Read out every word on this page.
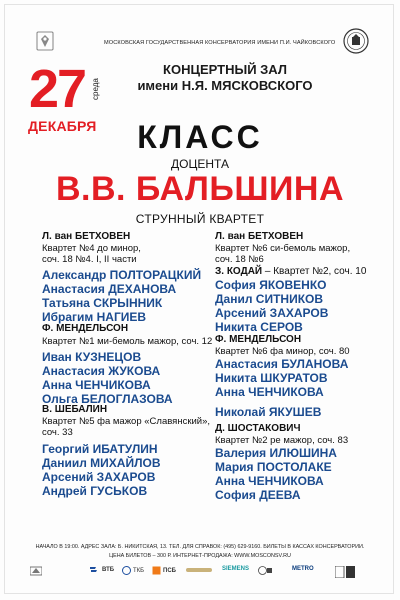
МОСКОВСКАЯ ГОСУДАРСТВЕННАЯ КОНСЕРВАТОРИЯ ИМЕНИ П.И. ЧАЙКОВСКОГО
27 среда
ДЕКАБРЯ
КОНЦЕРТНЫЙ ЗАЛ
имени Н.Я. МЯСКОВСКОГО
КЛАСС
ДОЦЕНТА
В.В. БАЛЬШИНА
СТРУННЫЙ КВАРТЕТ
Л. ван БЕТХОВЕН
Квартет №4 до минор,
соч. 18 №4. I, II части
Александр ПОЛТОРАЦКИЙ
Анастасия ДЕХАНОВА
Татьяна СКРЫННИК
Ибрагим НАГИЕВ
Ф. МЕНДЕЛЬСОН
Квартет №1 ми-бемоль мажор, соч. 12
Иван КУЗНЕЦОВ
Анастасия ЖУКОВА
Анна ЧЕНЧИКОВА
Ольга БЕЛОГЛАЗОВА
В. ШЕБАЛИН
Квартет №5 фа мажор «Славянский»,
соч. 33
Георгий ИБАТУЛИН
Даниил МИХАЙЛОВ
Арсений ЗАХАРОВ
Андрей ГУСЬКОВ
Л. ван БЕТХОВЕН
Квартет №6 си-бемоль мажор,
соч. 18 №6
З. КОДАЙ – Квартет №2, соч. 10
София ЯКОВЕНКО
Данил СИТНИКОВ
Арсений ЗАХАРОВ
Никита СЕРОВ
Ф. МЕНДЕЛЬСОН
Квартет №6 фа минор, соч. 80
Анастасия БУЛАНОВА
Никита ШКУРАТОВ
Анна ЧЕНЧИКОВА
Николай ЯКУШЕВ
Д. ШОСТАКОВИЧ
Квартет №2 ре мажор, соч. 83
Валерия ИЛЮШИНА
Мария ПОСТОЛАКЕ
Анна ЧЕНЧИКОВА
София ДЕЕВА
НАЧАЛО В 19:00. АДРЕС ЗАЛА: Б. НИКИТСКАЯ, 13. ТЕЛ. ДЛЯ СПРАВОК: (495) 629-9160. БИЛЕТЫ В КАССАХ КОНСЕРВАТОРИИ.
ЦЕНА БИЛЕТОВ – 300 Р. ИНТЕРНЕТ-ПРОДАЖА: WWW.MOSCONSV.RU
ВТБ	ТКБ	ПСБ	SIEMENS	METRO
